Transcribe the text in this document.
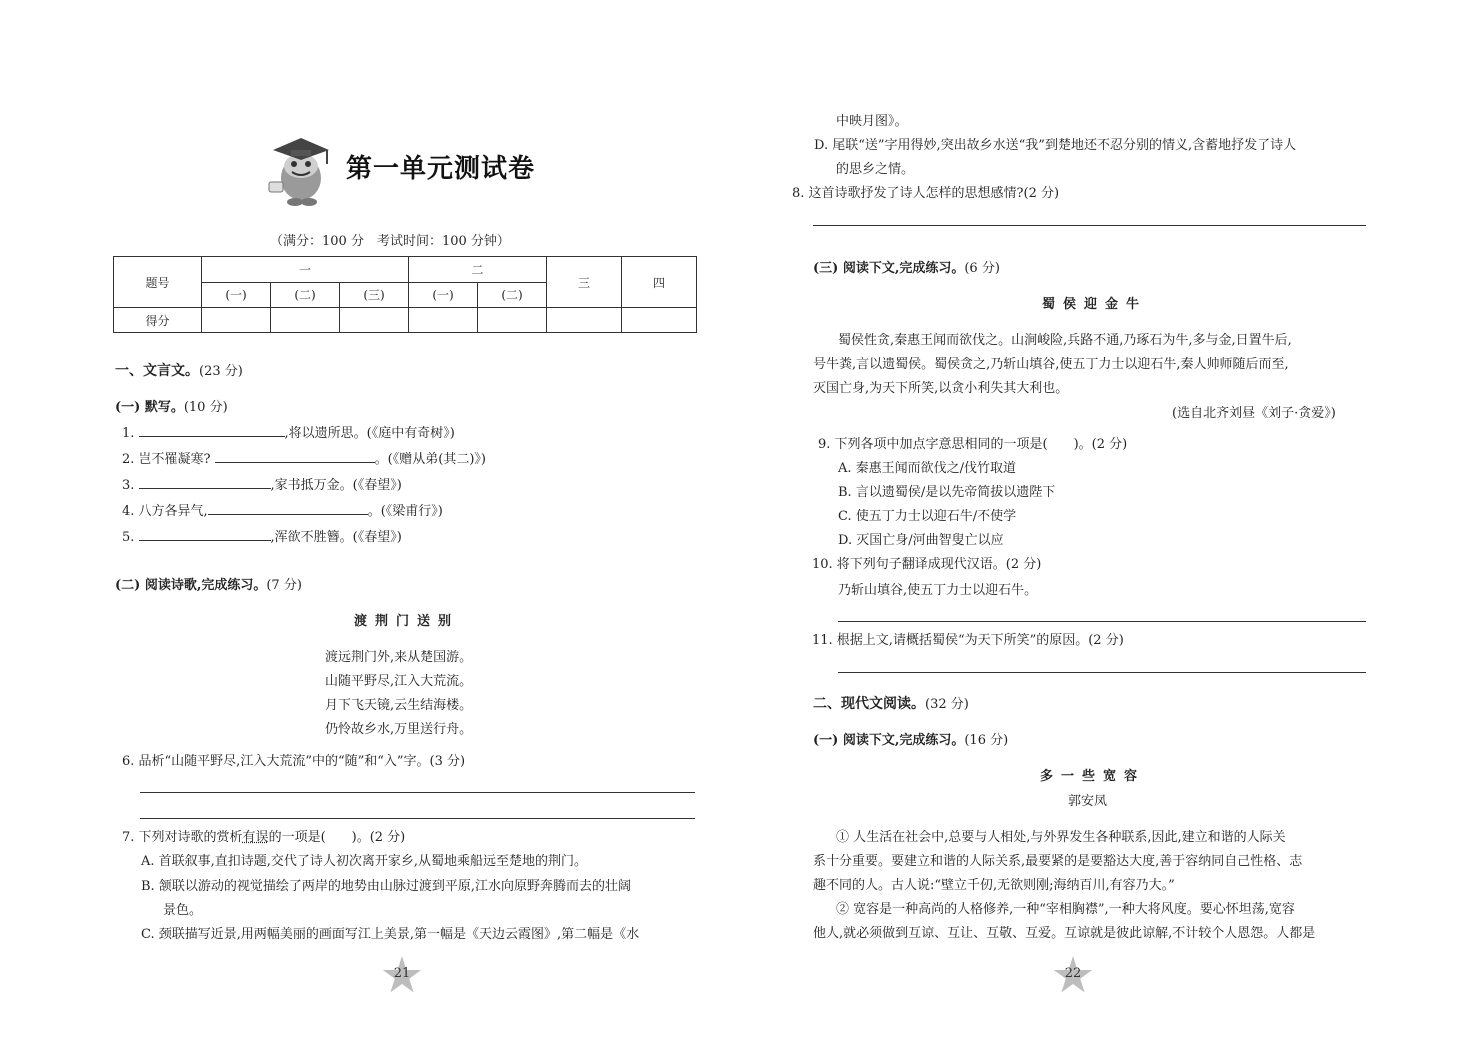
第一单元测试卷
（满分：100 分　考试时间：100 分钟）
题号	一			二		三	四
	(一)	(二)	(三)	(一)	(二)		
得分							
一、文言文。(23 分)
(一) 默写。(10 分)
1.	,将以遗所思。(《庭中有奇树》)
2. 岂不罹凝寒?	。(《赠从弟(其二)》)
3.	,家书抵万金。(《春望》)
4. 八方各异气,	。(《梁甫行》)
5.	,浑欲不胜簪。(《春望》)
(二) 阅读诗歌,完成练习。(7 分)
渡荆门送别
渡远荆门外,来从楚国游。
山随平野尽,江入大荒流。
月下飞天镜,云生结海楼。
仍怜故乡水,万里送行舟。
6. 品析“山随平野尽,江入大荒流”中的“随”和“入”字。(3 分)
7. 下列对诗歌的赏析有误的一项是(　　)。(2 分)
A. 首联叙事,直扣诗题,交代了诗人初次离开家乡,从蜀地乘船远至楚地的荆门。
B. 颔联以游动的视觉描绘了两岸的地势由山脉过渡到平原,江水向原野奔腾而去的壮阔
景色。
C. 颈联描写近景,用两幅美丽的画面写江上美景,第一幅是《天边云霞图》,第二幅是《水
21
中映月图》。
D. 尾联“送”字用得妙,突出故乡水送“我”到楚地还不忍分别的情义,含蓄地抒发了诗人
的思乡之情。
8. 这首诗歌抒发了诗人怎样的思想感情?(2 分)
(三) 阅读下文,完成练习。(6 分)
蜀侯迎金牛
蜀侯性贪,秦惠王闻而欲伐之。山涧峻险,兵路不通,乃琢石为牛,多与金,日置牛后,
号牛粪,言以遗蜀侯。蜀侯贪之,乃斩山填谷,使五丁力士以迎石牛,秦人帅师随后而至,
灭国亡身,为天下所笑,以贪小利失其大利也。
(选自北齐刘昼《刘子·贪爱》)
9. 下列各项中加点字意思相同的一项是(　　)。(2 分)
A. 秦惠王闻而欲伐之/伐竹取道
B. 言以遗蜀侯/是以先帝简拔以遗陛下
C. 使五丁力士以迎石牛/不使学
D. 灭国亡身/河曲智叟亡以应
10. 将下列句子翻译成现代汉语。(2 分)
乃斩山填谷,使五丁力士以迎石牛。
11. 根据上文,请概括蜀侯“为天下所笑”的原因。(2 分)
二、现代文阅读。(32 分)
(一) 阅读下文,完成练习。(16 分)
多一些宽容
郭安凤
① 人生活在社会中,总要与人相处,与外界发生各种联系,因此,建立和谐的人际关
系十分重要。要建立和谐的人际关系,最要紧的是要豁达大度,善于容纳同自己性格、志
趣不同的人。古人说:“壁立千仞,无欲则刚;海纳百川,有容乃大。”
② 宽容是一种高尚的人格修养,一种“宰相胸襟”,一种大将风度。要心怀坦荡,宽容
他人,就必须做到互谅、互让、互敬、互爱。互谅就是彼此谅解,不计较个人恩怨。人都是
22
